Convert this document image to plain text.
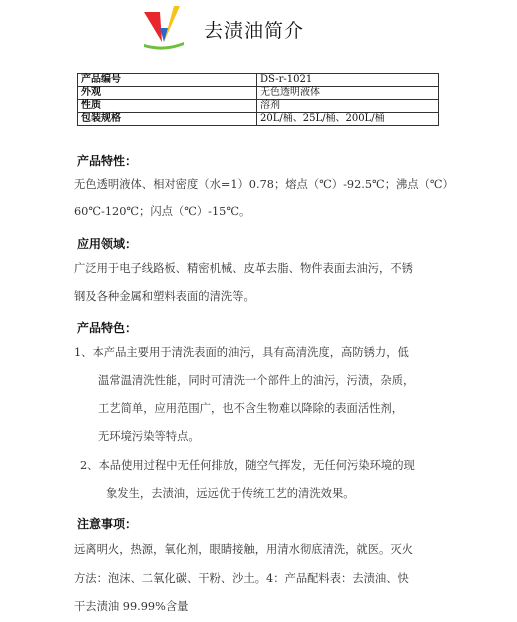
去渍油简介
产品编号	DS-r-1021
外观	无色透明液体
性质	溶剂
包装规格	20L/桶、25L/桶、200L/桶
产品特性：
无色透明液体、相对密度（水=1）0.78；熔点（℃）-92.5℃；沸点（℃）
60℃-120℃；闪点（℃）-15℃。
应用领域：
广泛用于电子线路板、精密机械、皮革去脂、物件表面去油污，不锈
钢及各种金属和塑料表面的清洗等。
产品特色：
1、本产品主要用于清洗表面的油污，具有高清洗度，高防锈力，低
温常温清洗性能，同时可清洗一个部件上的油污，污渍，杂质，
工艺简单，应用范围广，也不含生物难以降除的表面活性剂，
无环境污染等特点。
2、本品使用过程中无任何排放，随空气挥发，无任何污染环境的现
象发生，去渍油，远远优于传统工艺的清洗效果。
注意事项：
远离明火，热源，氧化剂，眼睛接触，用清水彻底清洗，就医。灭火
方法：泡沫、二氧化碳、干粉、沙土。4：产品配料表：去渍油、快
干去渍油 99.99%含量
